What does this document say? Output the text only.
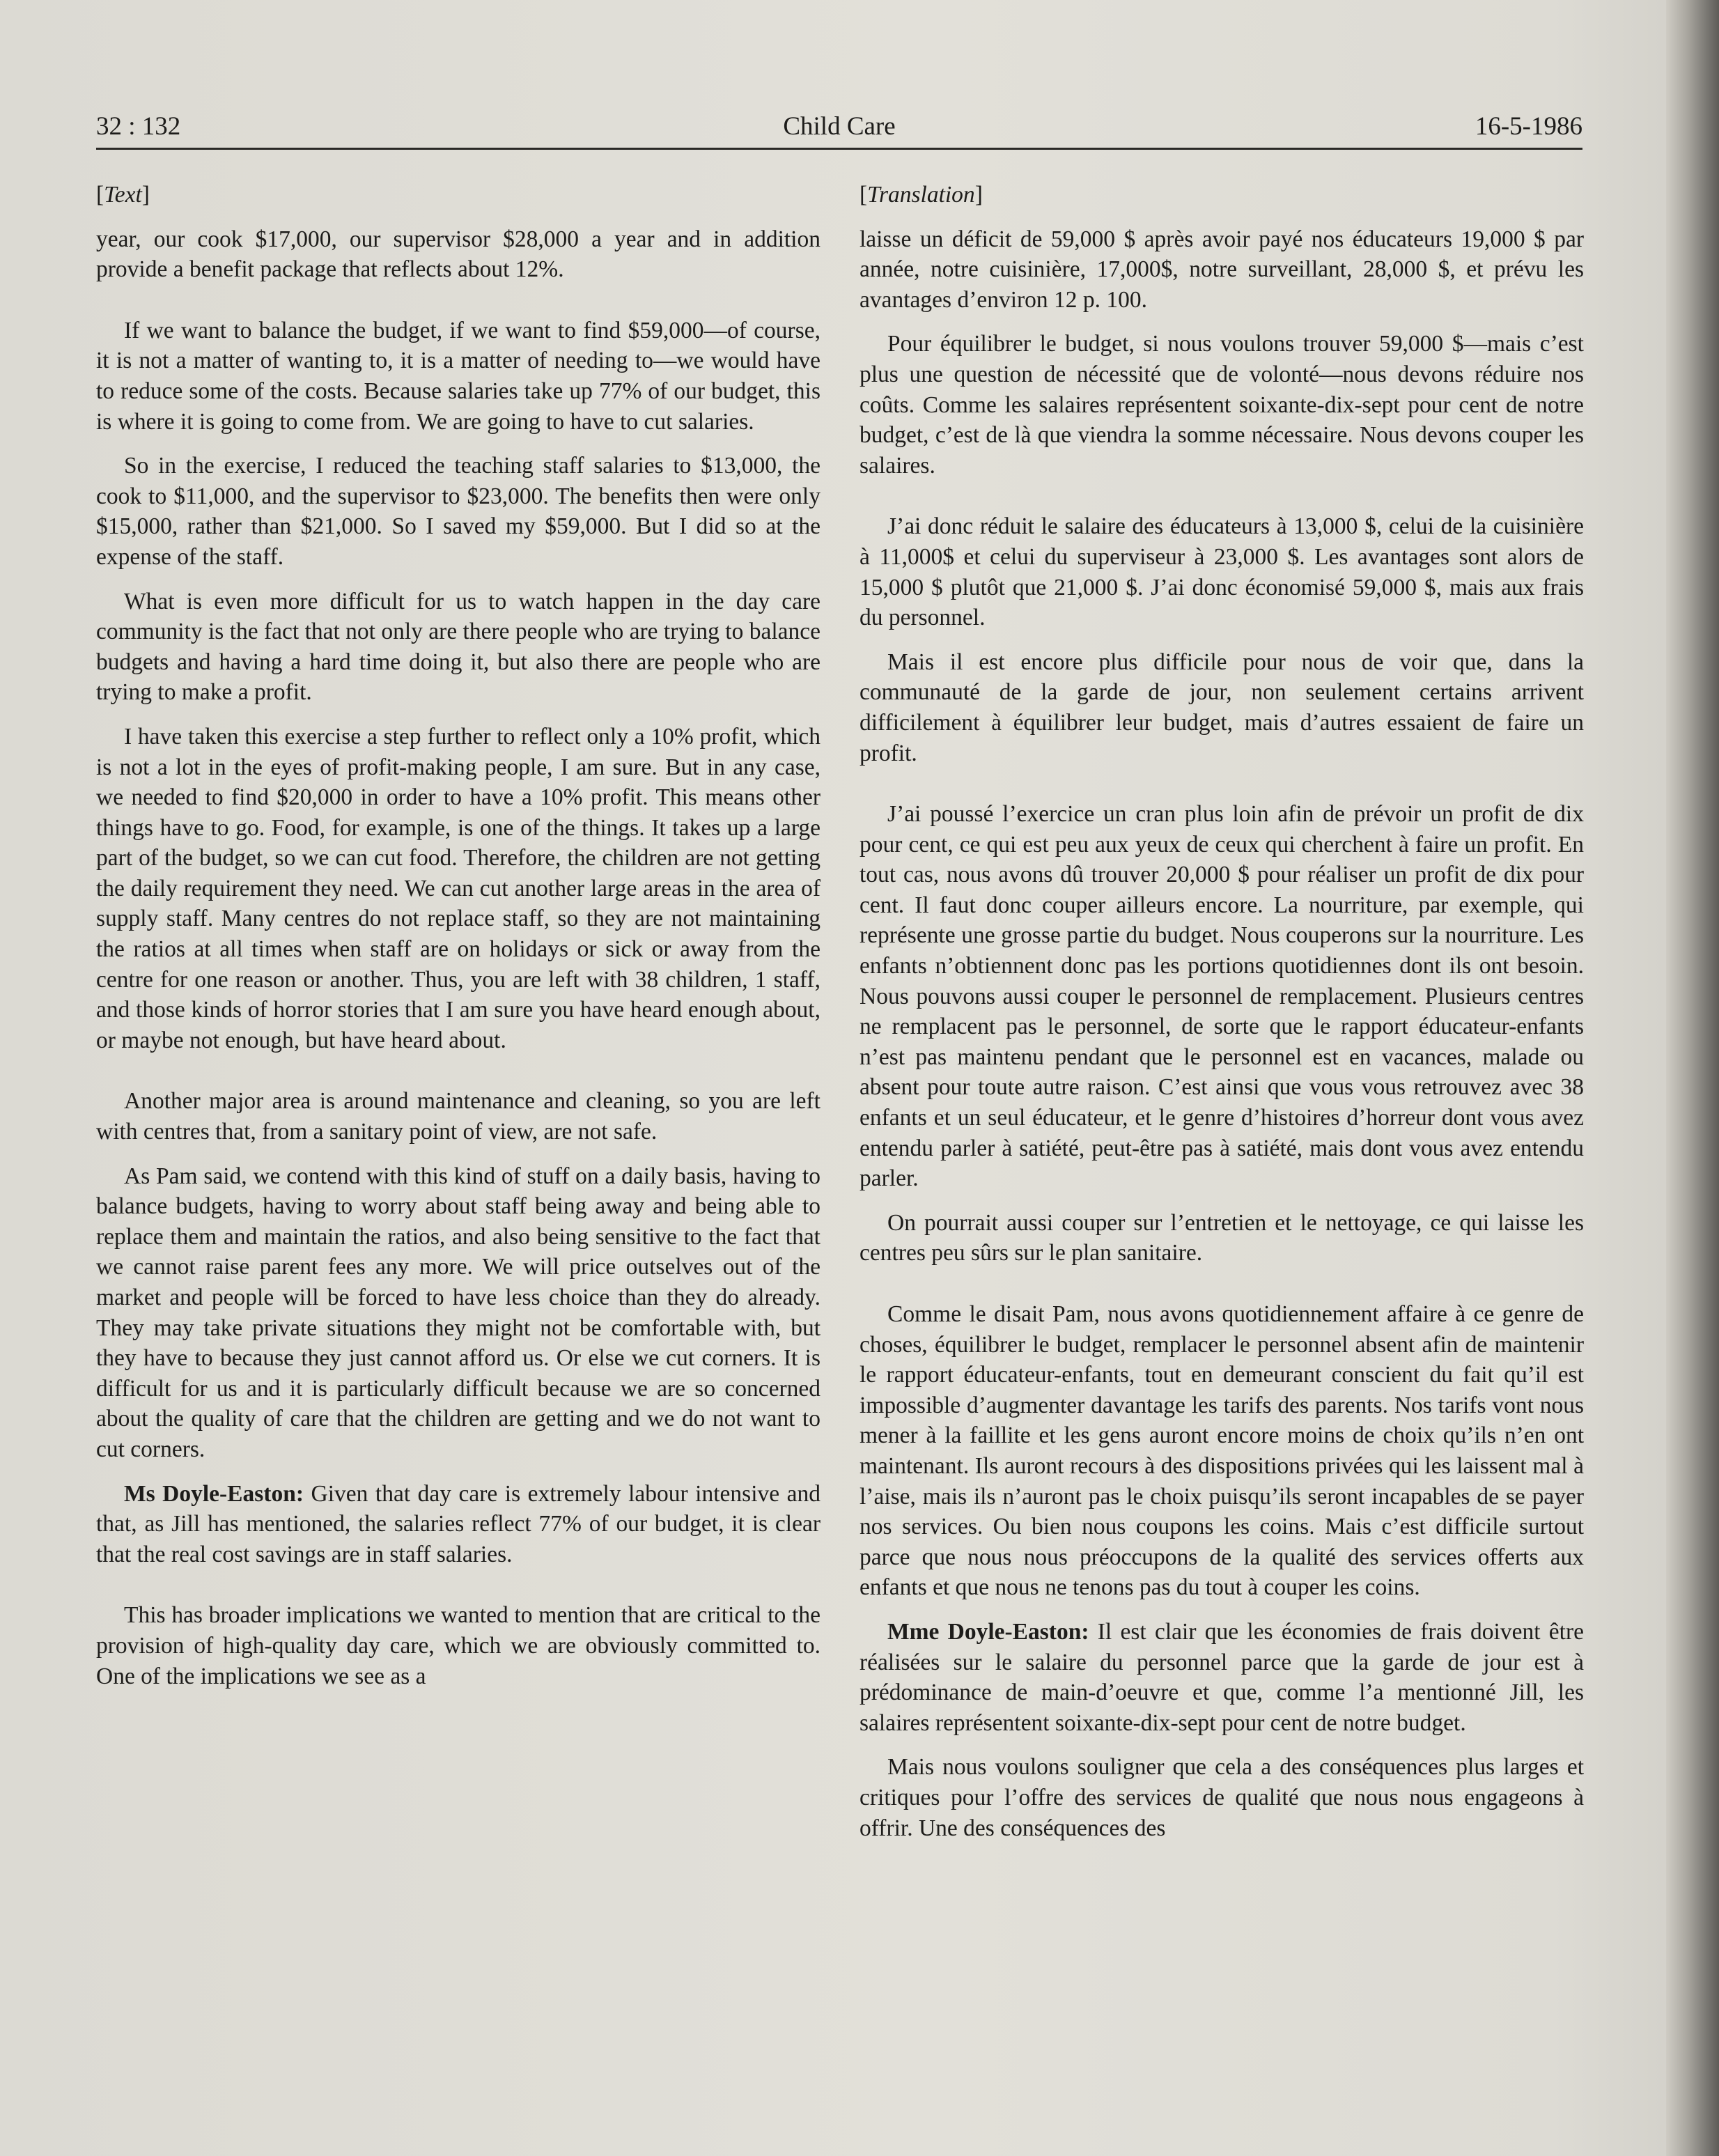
32 : 132	Child Care	16-5-1986

[Text]

year, our cook $17,000, our supervisor $28,000 a year and in addition provide a benefit package that reflects about 12%.

If we want to balance the budget, if we want to find $59,000—of course, it is not a matter of wanting to, it is a matter of needing to—we would have to reduce some of the costs. Because salaries take up 77% of our budget, this is where it is going to come from. We are going to have to cut salaries.

So in the exercise, I reduced the teaching staff salaries to $13,000, the cook to $11,000, and the supervisor to $23,000. The benefits then were only $15,000, rather than $21,000. So I saved my $59,000. But I did so at the expense of the staff.

What is even more difficult for us to watch happen in the day care community is the fact that not only are there people who are trying to balance budgets and having a hard time doing it, but also there are people who are trying to make a profit.

I have taken this exercise a step further to reflect only a 10% profit, which is not a lot in the eyes of profit-making people, I am sure. But in any case, we needed to find $20,000 in order to have a 10% profit. This means other things have to go. Food, for example, is one of the things. It takes up a large part of the budget, so we can cut food. Therefore, the children are not getting the daily requirement they need. We can cut another large areas in the area of supply staff. Many centres do not replace staff, so they are not maintaining the ratios at all times when staff are on holidays or sick or away from the centre for one reason or another. Thus, you are left with 38 children, 1 staff, and those kinds of horror stories that I am sure you have heard enough about, or maybe not enough, but have heard about.

Another major area is around maintenance and cleaning, so you are left with centres that, from a sanitary point of view, are not safe.

As Pam said, we contend with this kind of stuff on a daily basis, having to balance budgets, having to worry about staff being away and being able to replace them and maintain the ratios, and also being sensitive to the fact that we cannot raise parent fees any more. We will price outselves out of the market and people will be forced to have less choice than they do already. They may take private situations they might not be comfortable with, but they have to because they just cannot afford us. Or else we cut corners. It is difficult for us and it is particularly difficult because we are so concerned about the quality of care that the children are getting and we do not want to cut corners.

Ms Doyle-Easton: Given that day care is extremely labour intensive and that, as Jill has mentioned, the salaries reflect 77% of our budget, it is clear that the real cost savings are in staff salaries.

This has broader implications we wanted to mention that are critical to the provision of high-quality day care, which we are obviously committed to. One of the implications we see as a

[Translation]

laisse un déficit de 59,000 $ après avoir payé nos éducateurs 19,000 $ par année, notre cuisinière, 17,000$, notre surveillant, 28,000 $, et prévu les avantages d’environ 12 p. 100.

Pour équilibrer le budget, si nous voulons trouver 59,000 $—mais c’est plus une question de nécessité que de volonté—nous devons réduire nos coûts. Comme les salaires représentent soixante-dix-sept pour cent de notre budget, c’est de là que viendra la somme nécessaire. Nous devons couper les salaires.

J’ai donc réduit le salaire des éducateurs à 13,000 $, celui de la cuisinière à 11,000$ et celui du superviseur à 23,000 $. Les avantages sont alors de 15,000 $ plutôt que 21,000 $. J’ai donc économisé 59,000 $, mais aux frais du personnel.

Mais il est encore plus difficile pour nous de voir que, dans la communauté de la garde de jour, non seulement certains arrivent difficilement à équilibrer leur budget, mais d’autres essaient de faire un profit.

J’ai poussé l’exercice un cran plus loin afin de prévoir un profit de dix pour cent, ce qui est peu aux yeux de ceux qui cherchent à faire un profit. En tout cas, nous avons dû trouver 20,000 $ pour réaliser un profit de dix pour cent. Il faut donc couper ailleurs encore. La nourriture, par exemple, qui représente une grosse partie du budget. Nous couperons sur la nourriture. Les enfants n’obtiennent donc pas les portions quotidiennes dont ils ont besoin. Nous pouvons aussi couper le personnel de remplacement. Plusieurs centres ne remplacent pas le personnel, de sorte que le rapport éducateur-enfants n’est pas maintenu pendant que le personnel est en vacances, malade ou absent pour toute autre raison. C’est ainsi que vous vous retrouvez avec 38 enfants et un seul éducateur, et le genre d’histoires d’horreur dont vous avez entendu parler à satiété, peut-être pas à satiété, mais dont vous avez entendu parler.

On pourrait aussi couper sur l’entretien et le nettoyage, ce qui laisse les centres peu sûrs sur le plan sanitaire.

Comme le disait Pam, nous avons quotidiennement affaire à ce genre de choses, équilibrer le budget, remplacer le personnel absent afin de maintenir le rapport éducateur-enfants, tout en demeurant conscient du fait qu’il est impossible d’augmenter davantage les tarifs des parents. Nos tarifs vont nous mener à la faillite et les gens auront encore moins de choix qu’ils n’en ont maintenant. Ils auront recours à des dispositions privées qui les laissent mal à l’aise, mais ils n’auront pas le choix puisqu’ils seront incapables de se payer nos services. Ou bien nous coupons les coins. Mais c’est difficile surtout parce que nous nous préoccupons de la qualité des services offerts aux enfants et que nous ne tenons pas du tout à couper les coins.

Mme Doyle-Easton: Il est clair que les économies de frais doivent être réalisées sur le salaire du personnel parce que la garde de jour est à prédominance de main-d’oeuvre et que, comme l’a mentionné Jill, les salaires représentent soixante-dix-sept pour cent de notre budget.

Mais nous voulons souligner que cela a des conséquences plus larges et critiques pour l’offre des services de qualité que nous nous engageons à offrir. Une des conséquences des
